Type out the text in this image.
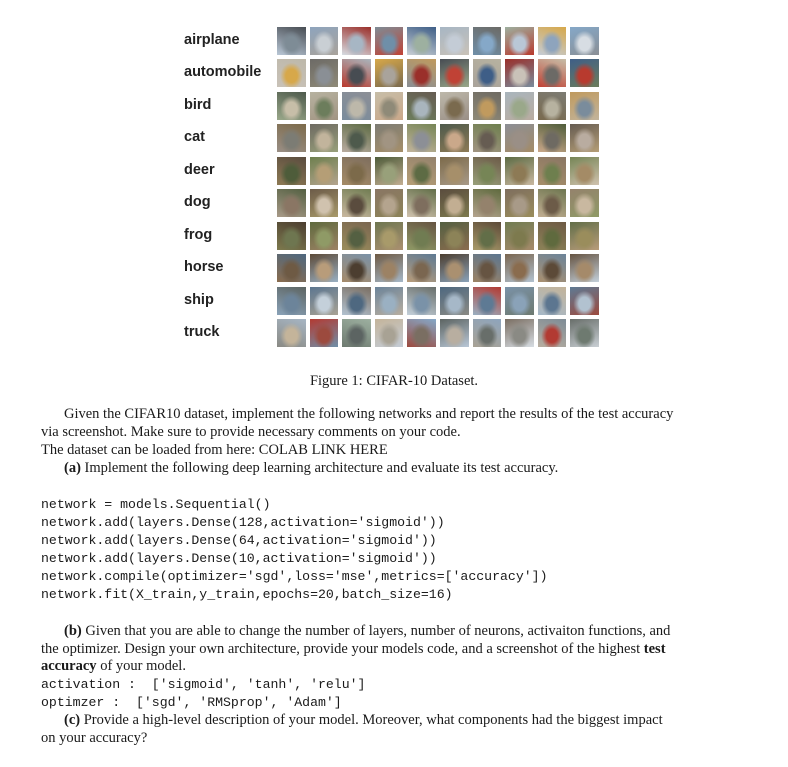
airplane
automobile
bird
cat
deer
dog
frog
horse
ship
truck
Figure 1: CIFAR-10 Dataset.
Given the CIFAR10 dataset, implement the following networks and report the results of the test accuracy
via screenshot. Make sure to provide necessary comments on your code.
The dataset can be loaded from here: COLAB LINK HERE
(a) Implement the following deep learning architecture and evaluate its test accuracy.
network = models.Sequential()
network.add(layers.Dense(128,activation='sigmoid'))
network.add(layers.Dense(64,activation='sigmoid'))
network.add(layers.Dense(10,activation='sigmoid'))
network.compile(optimizer='sgd',loss='mse',metrics=['accuracy'])
network.fit(X_train,y_train,epochs=20,batch_size=16)
(b) Given that you are able to change the number of layers, number of neurons, activaiton functions, and
the optimizer. Design your own architecture, provide your models code, and a screenshot of the highest test
accuracy of your model.
activation :  ['sigmoid', 'tanh', 'relu']
optimzer :  ['sgd', 'RMSprop', 'Adam']
(c) Provide a high-level description of your model. Moreover, what components had the biggest impact
on your accuracy?
